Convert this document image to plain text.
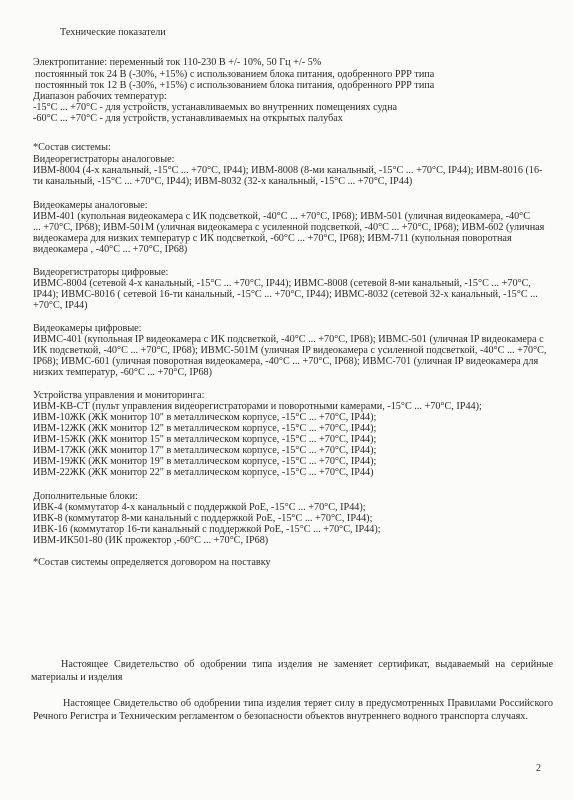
Технические показатели
Электропитание: переменный ток 110-230 В +/- 10%, 50 Гц +/- 5%
постоянный ток 24 В (-30%, +15%) с использованием блока питания, одобренного РРР типа
постоянный ток 12 В (-30%, +15%) с использованием блока питания, одобренного РРР типа
Диапазон рабочих температур:
-15°С ... +70°С - для устройств, устанавливаемых во внутренних помещениях судна
-60°С ... +70°С - для устройств, устанавливаемых на открытых палубах
*Состав системы:
Видеорегистраторы аналоговые:
ИВМ-8004 (4-х канальный, -15°С ... +70°С, IP44); ИВМ-8008 (8-ми канальный, -15°С ... +70°С, IP44); ИВМ-8016 (16-
ти канальный, -15°С ... +70°С, IP44); ИВМ-8032 (32-х канальный, -15°С ... +70°С, IP44)
Видеокамеры аналоговые:
ИВМ-401 (купольная видеокамера с ИК подсветкой, -40°С ... +70°С, IP68); ИВМ-501 (уличная видеокамера, -40°С
... +70°С, IP68); ИВМ-501М (уличная видеокамера с усиленной подсветкой, -40°С ... +70°С, IP68); ИВМ-602 (уличная
видеокамера для низких температур с ИК подсветкой, -60°С ... +70°С, IP68); ИВМ-711 (купольная поворотная
видеокамера , -40°С ... +70°С, IP68)
Видеорегистраторы цифровые:
ИВМС-8004 (сетевой 4-х канальный, -15°С ... +70°С, IP44); ИВМС-8008 (сетевой 8-ми канальный, -15°С ... +70°С,
IP44); ИВМС-8016 ( сетевой 16-ти канальный, -15°С ... +70°С, IP44); ИВМС-8032 (сетевой 32-х канальный, -15°С ...
+70°С, IP44)
Видеокамеры цифровые:
ИВМС-401 (купольная IP видеокамера с ИК подсветкой, -40°С ... +70°С, IP68); ИВМС-501 (уличная IP видеокамера с
ИК подсветкой, -40°С ... +70°С, IP68); ИВМС-501М (уличная IP видеокамера с усиленной подсветкой, -40°С ... +70°С,
IP68); ИВМС-601 (уличная поворотная видеокамера, -40°С ... +70°С, IP68); ИВМС-701 (уличная IP видеокамера для
низких температур, -60°С ... +70°С, IP68)
Устройства управления и мониторинга:
ИВМ-КВ-СТ (пульт управления видеорегистраторами и поворотными камерами, -15°С ... +70°С, IP44);
ИВМ-10ЖК (ЖК монитор 10" в металлическом корпусе, -15°С ... +70°С, IP44);
ИВМ-12ЖК (ЖК монитор 12" в металлическом корпусе, -15°С ... +70°С, IP44);
ИВМ-15ЖК (ЖК монитор 15" в металлическом корпусе, -15°С ... +70°С, IP44);
ИВМ-17ЖК (ЖК монитор 17" в металлическом корпусе, -15°С ... +70°С, IP44);
ИВМ-19ЖК (ЖК монитор 19" в металлическом корпусе, -15°С ... +70°С, IP44);
ИВМ-22ЖК (ЖК монитор 22" в металлическом корпусе, -15°С ... +70°С, IP44)
Дополнительные блоки:
ИВК-4 (коммутатор 4-х канальный с поддержкой PoE, -15°С ... +70°С, IP44);
ИВК-8 (коммутатор 8-ми канальный с поддержкой PoE, -15°С ... +70°С, IP44);
ИВК-16 (коммутатор 16-ти канальный с поддержкой PoE, -15°С ... +70°С, IP44);
ИВМ-ИК501-80 (ИК прожектор ,-60°С ... +70°С, IP68)
*Состав системы определяется договором на поставку
Настоящее Свидетельство об одобрении типа изделия не заменяет сертификат, выдаваемый на серийные материалы и изделия
Настоящее Свидетельство об одобрении типа изделия теряет силу в предусмотренных Правилами Российского Речного Регистра и Техническим регламентом о безопасности объектов внутреннего водного транспорта случаях.
2
